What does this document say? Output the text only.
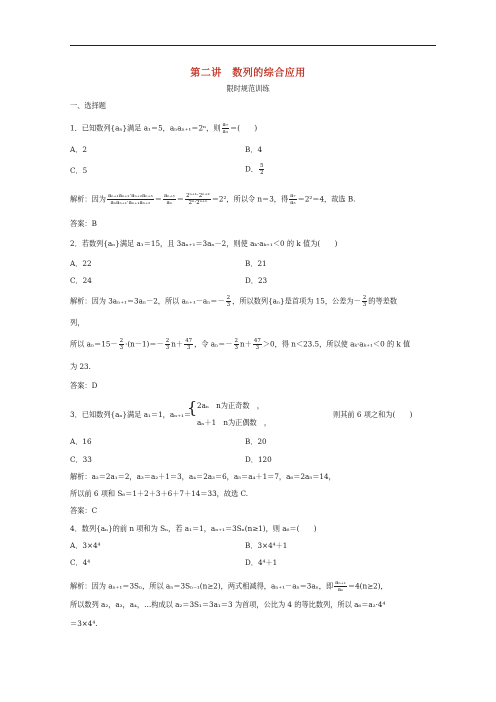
第二讲　数列的综合应用
限时规范训练
一、选择题
1．已知数列{aₙ}满足 a₁＝5，aₙaₙ₊₁＝2ⁿ，则 $\frac{\text{a₇}}{\text{a₃}}$ ＝(　　)
A．2	B．4
C．5	D． $\frac{5}{2}$
解析：因为 $\frac{\text{aₙ₊₁aₙ₊₂·aₙ₊₂aₙ₊₃}}{\text{aₙaₙ₊₁·aₙ₊₁aₙ₊₂}} = \frac{\text{aₙ₊₃}}{\text{aₙ}} = \frac{\text{2ⁿ⁺¹·2ⁿ⁺²}}{\text{2ⁿ·2ⁿ⁺¹}} =2^2$，所以令 n＝3，得 $\frac{\text{a₇}}{\text{a₃}} =2^2=4$，故选 B.
答案：B
2．若数列{aₙ}满足 a₁＝15，且 3aₙ₊₁＝3aₙ－2，则使 aₖ·aₖ₊₁＜0 的 k 值为(　　)
A．22	B．21
C．24	D．23
解析：因为 3aₙ₊₁＝3aₙ－2，所以 $a_{n+1}-a_n=- \frac{2}{3}$ ，所以数列{aₙ}是首项为 15，公差为－ $\frac{2}{3}$ 的等差数
列，
所以 $a_n=15- \frac{2}{3} \cdot(n-1)=- \frac{2}{3} n+ \frac{47}{3}$ ，令 $a_n=- \frac{2}{3} n+ \frac{47}{3} >0$，得 n＜23.5，所以使 aₖ·aₖ₊₁＜0 的 k 值
为 23.
答案：D
3．已知数列{aₙ}满足 a₁＝1，aₙ₊₁＝
{ 2aₙ　n为正奇数　，
aₙ＋1　n为正偶数　，
则其前 6 项之和为(　　)
A．16	B．20
C．33	D．120
解析：a₂＝2a₁＝2，a₃＝a₂＋1＝3，a₄＝2a₃＝6，a₅＝a₄＋1＝7，a₆＝2a₅＝14，
所以前 6 项和 S₆＝1＋2＋3＋6＋7＋14＝33，故选 C.
答案：C
4．数列{aₙ}的前 n 项和为 Sₙ，若 a₁＝1，aₙ₊₁＝3Sₙ(n≥1)，则 a₆＝(　　)
A．3×4⁴	B．3×4⁴＋1
C．4⁴	D．4⁴＋1
解析：因为 aₙ₊₁＝3Sₙ，所以 aₙ＝3Sₙ₋₁(n≥2)，两式相减得，aₙ₊₁－aₙ＝3aₙ，即 $\frac{\text{aₙ₊₁}}{\text{aₙ}} =4(n\ge 2)$，
所以数列 a₂，a₃，a₄，…构成以 a₂＝3S₁＝3a₁＝3 为首项，公比为 4 的等比数列，所以 a₆＝a₂·4⁴
＝3×4⁴.
